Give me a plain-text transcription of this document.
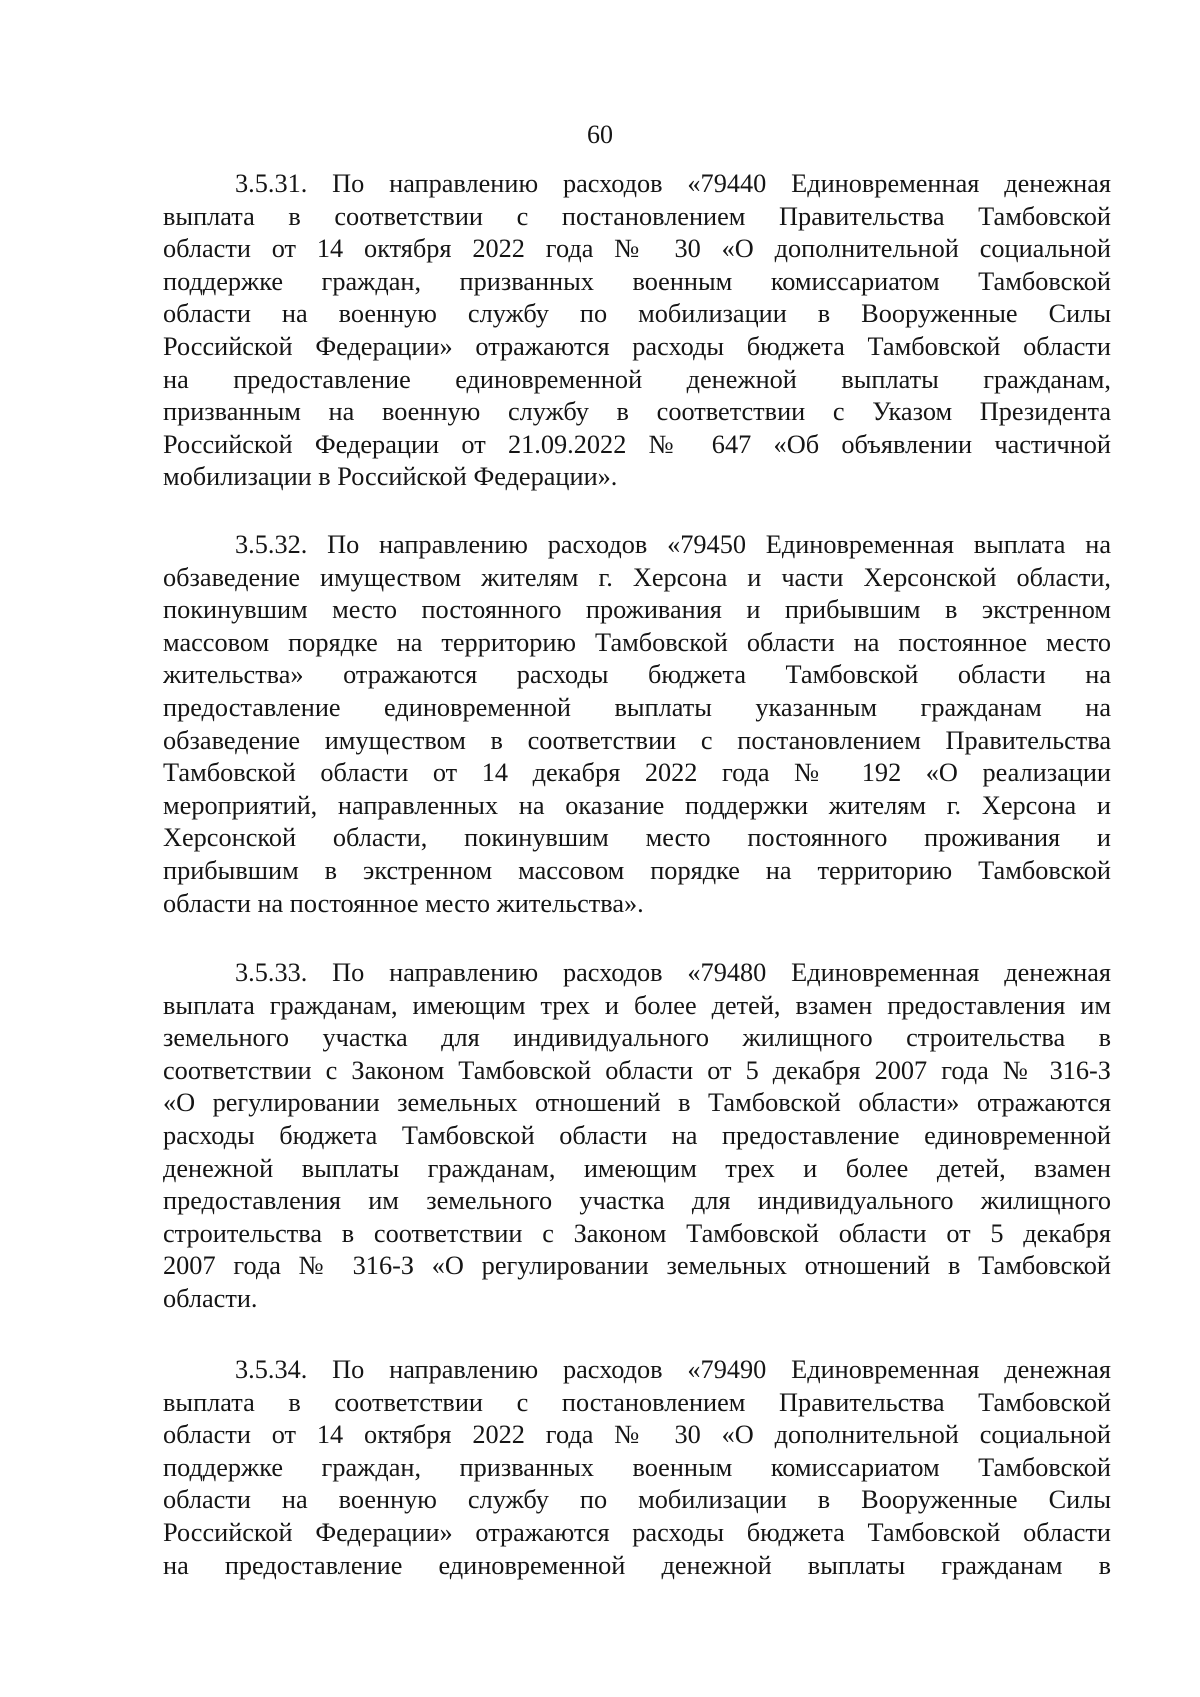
60
3.5.31. По направлению расходов «79440 Единовременная денежная
выплата в соответствии с постановлением Правительства Тамбовской
области от 14 октября 2022 года № 30 «О дополнительной социальной
поддержке граждан, призванных военным комиссариатом Тамбовской
области на военную службу по мобилизации в Вооруженные Силы
Российской Федерации» отражаются расходы бюджета Тамбовской области
на предоставление единовременной денежной выплаты гражданам,
призванным на военную службу в соответствии с Указом Президента
Российской Федерации от 21.09.2022 № 647 «Об объявлении частичной
мобилизации в Российской Федерации».
3.5.32. По направлению расходов «79450 Единовременная выплата на
обзаведение имуществом жителям г. Херсона и части Херсонской области,
покинувшим место постоянного проживания и прибывшим в экстренном
массовом порядке на территорию Тамбовской области на постоянное место
жительства» отражаются расходы бюджета Тамбовской области на
предоставление единовременной выплаты указанным гражданам на
обзаведение имуществом в соответствии с постановлением Правительства
Тамбовской области от 14 декабря 2022 года № 192 «О реализации
мероприятий, направленных на оказание поддержки жителям г. Херсона и
Херсонской области, покинувшим место постоянного проживания и
прибывшим в экстренном массовом порядке на территорию Тамбовской
области на постоянное место жительства».
3.5.33. По направлению расходов «79480 Единовременная денежная
выплата гражданам, имеющим трех и более детей, взамен предоставления им
земельного участка для индивидуального жилищного строительства в
соответствии с Законом Тамбовской области от 5 декабря 2007 года № 316-З
«О регулировании земельных отношений в Тамбовской области» отражаются
расходы бюджета Тамбовской области на предоставление единовременной
денежной выплаты гражданам, имеющим трех и более детей, взамен
предоставления им земельного участка для индивидуального жилищного
строительства в соответствии с Законом Тамбовской области от 5 декабря
2007 года № 316-З «О регулировании земельных отношений в Тамбовской
области.
3.5.34. По направлению расходов «79490 Единовременная денежная
выплата в соответствии с постановлением Правительства Тамбовской
области от 14 октября 2022 года № 30 «О дополнительной социальной
поддержке граждан, призванных военным комиссариатом Тамбовской
области на военную службу по мобилизации в Вооруженные Силы
Российской Федерации» отражаются расходы бюджета Тамбовской области
на предоставление единовременной денежной выплаты гражданам в
